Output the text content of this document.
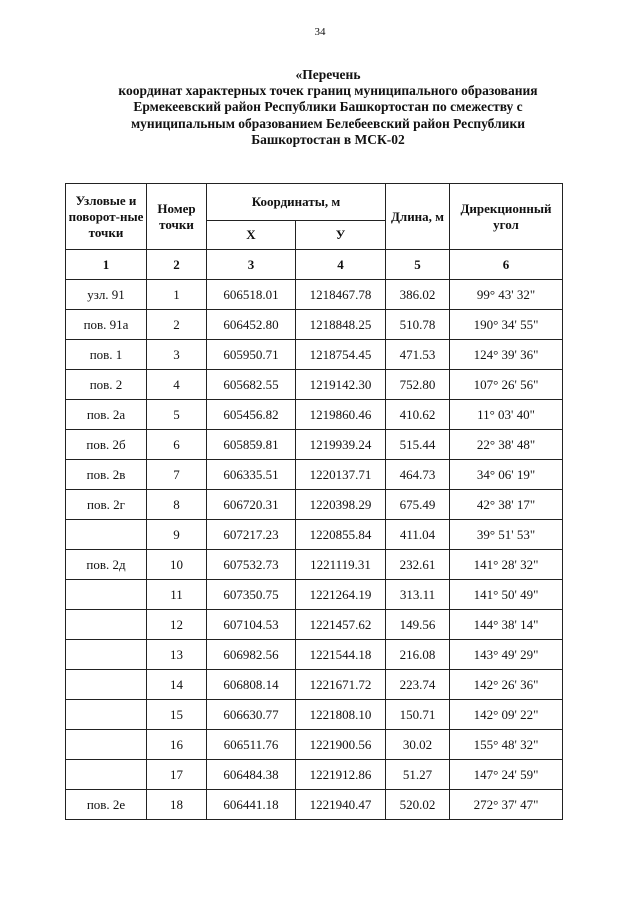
34
«Перечень
координат характерных точек границ муниципального образования
Ермекеевский район Республики Башкортостан по смежеству с
муниципальным образованием Белебеевский район Республики
Башкортостан в МСК-02
Узловые и поворот-ные точки	Номер точки	Координаты, м		Длина, м	Дирекционный угол
		Х	У		
1	2	3	4	5	6
узл. 91	1	606518.01	1218467.78	386.02	99° 43' 32"
пов. 91а	2	606452.80	1218848.25	510.78	190° 34' 55"
пов. 1	3	605950.71	1218754.45	471.53	124° 39' 36"
пов. 2	4	605682.55	1219142.30	752.80	107° 26' 56"
пов. 2а	5	605456.82	1219860.46	410.62	11° 03' 40"
пов. 2б	6	605859.81	1219939.24	515.44	22° 38' 48"
пов. 2в	7	606335.51	1220137.71	464.73	34° 06' 19"
пов. 2г	8	606720.31	1220398.29	675.49	42° 38' 17"
	9	607217.23	1220855.84	411.04	39° 51' 53"
пов. 2д	10	607532.73	1221119.31	232.61	141° 28' 32"
	11	607350.75	1221264.19	313.11	141° 50' 49"
	12	607104.53	1221457.62	149.56	144° 38' 14"
	13	606982.56	1221544.18	216.08	143° 49' 29"
	14	606808.14	1221671.72	223.74	142° 26' 36"
	15	606630.77	1221808.10	150.71	142° 09' 22"
	16	606511.76	1221900.56	30.02	155° 48' 32"
	17	606484.38	1221912.86	51.27	147° 24' 59"
пов. 2е	18	606441.18	1221940.47	520.02	272° 37' 47"
